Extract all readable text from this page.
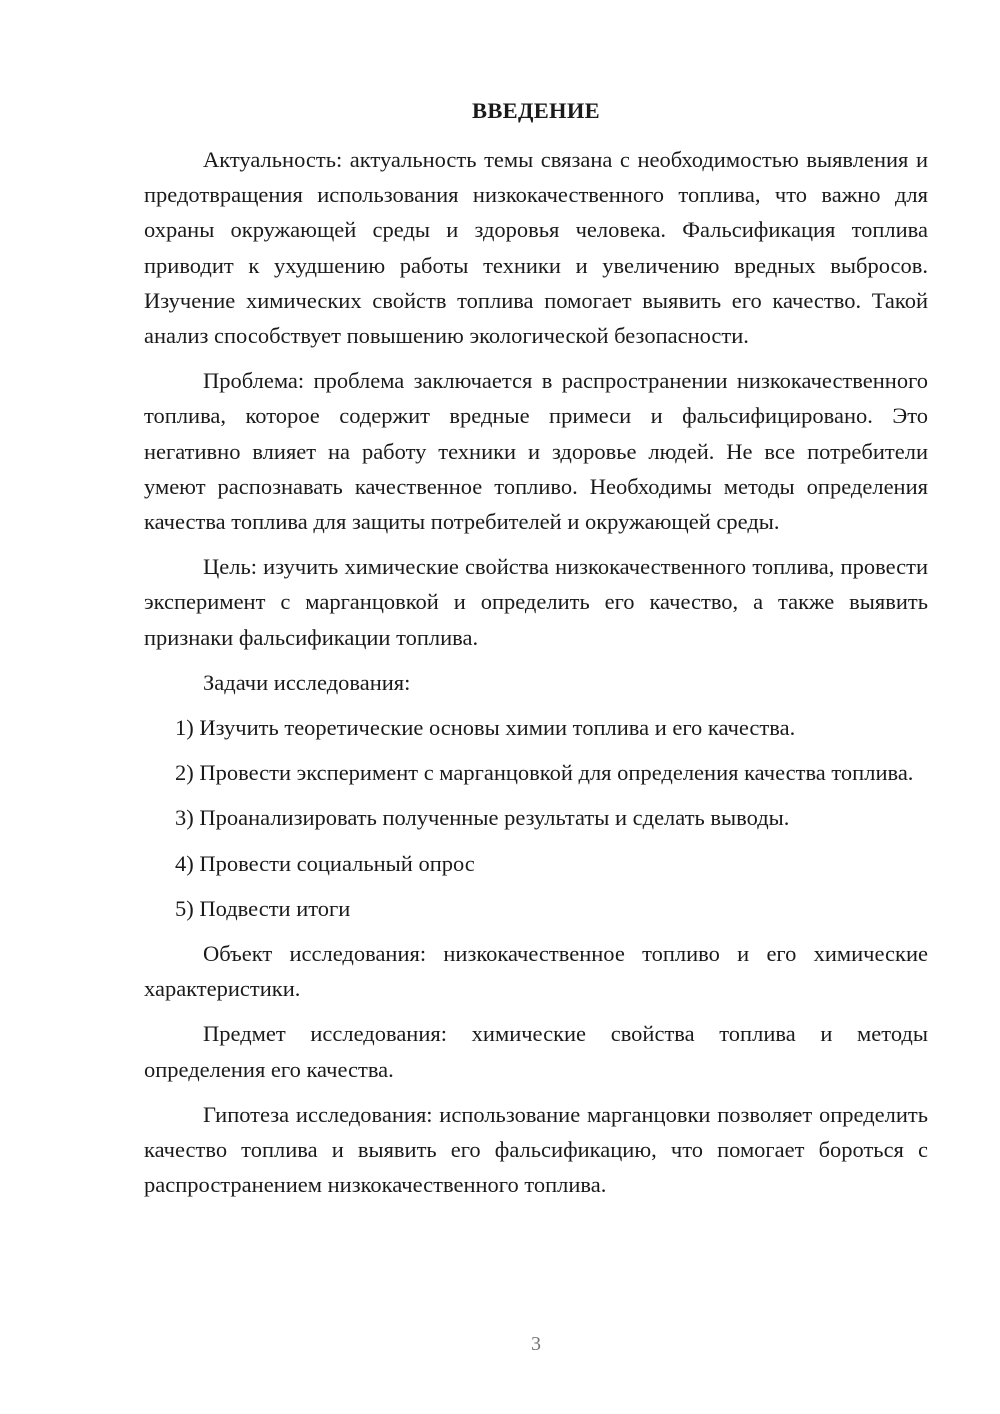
ВВЕДЕНИЕ

Актуальность: актуальность темы связана с необходимостью выявления и предотвращения использования низкокачественного топлива, что важно для охраны окружающей среды и здоровья человека. Фальсификация топлива приводит к ухудшению работы техники и увеличению вредных выбросов. Изучение химических свойств топлива помогает выявить его качество. Такой анализ способствует повышению экологической безопасности.

Проблема: проблема заключается в распространении низкокачественного топлива, которое содержит вредные примеси и фальсифицировано. Это негативно влияет на работу техники и здоровье людей. Не все потребители умеют распознавать качественное топливо. Необходимы методы определения качества топлива для защиты потребителей и окружающей среды.

Цель: изучить химические свойства низкокачественного топлива, провести эксперимент с марганцовкой и определить его качество, а также выявить признаки фальсификации топлива.

Задачи исследования:

1) Изучить теоретические основы химии топлива и его качества.

2) Провести эксперимент с марганцовкой для определения качества топлива.

3) Проанализировать полученные результаты и сделать выводы.

4) Провести социальный опрос

5) Подвести итоги

Объект исследования: низкокачественное топливо и его химические характеристики.

Предмет исследования: химические свойства топлива и методы определения его качества.

Гипотеза исследования: использование марганцовки позволяет определить качество топлива и выявить его фальсификацию, что помогает бороться с распространением низкокачественного топлива.

3
